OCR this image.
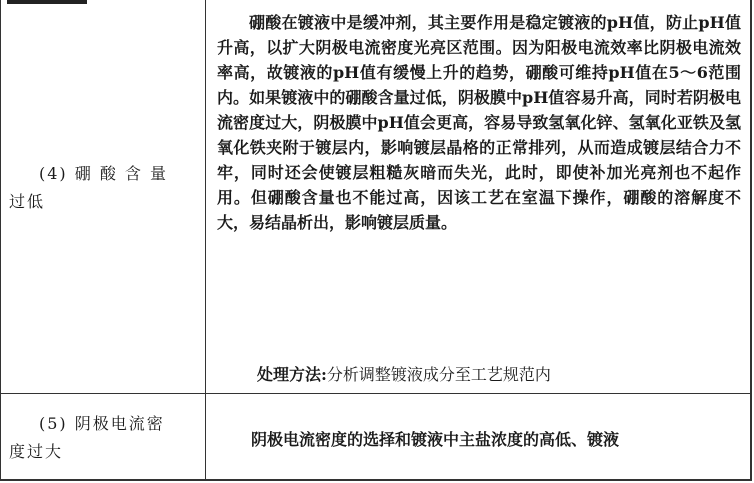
(4) 硼 酸 含 量
过低

硼酸在镀液中是缓冲剂，其主要作用是稳定镀液的pH值，防止pH值升高，以扩大阴极电流密度光亮区范围。因为阳极电流效率比阴极电流效率高，故镀液的pH值有缓慢上升的趋势，硼酸可维持pH值在5～6范围内。如果镀液中的硼酸含量过低，阴极膜中pH值容易升高，同时若阴极电流密度过大，阴极膜中pH值会更高，容易导致氢氧化锌、氢氧化亚铁及氢氧化铁夹附于镀层内，影响镀层晶格的正常排列，从而造成镀层结合力不牢，同时还会使镀层粗糙灰暗而失光，此时，即使补加光亮剂也不起作用。但硼酸含量也不能过高，因该工艺在室温下操作，硼酸的溶解度不大，易结晶析出，影响镀层质量。

处理方法:分析调整镀液成分至工艺规范内
(5) 阴极电流密
度过大
阴极电流密度的选择和镀液中主盐浓度的高低、镀液
